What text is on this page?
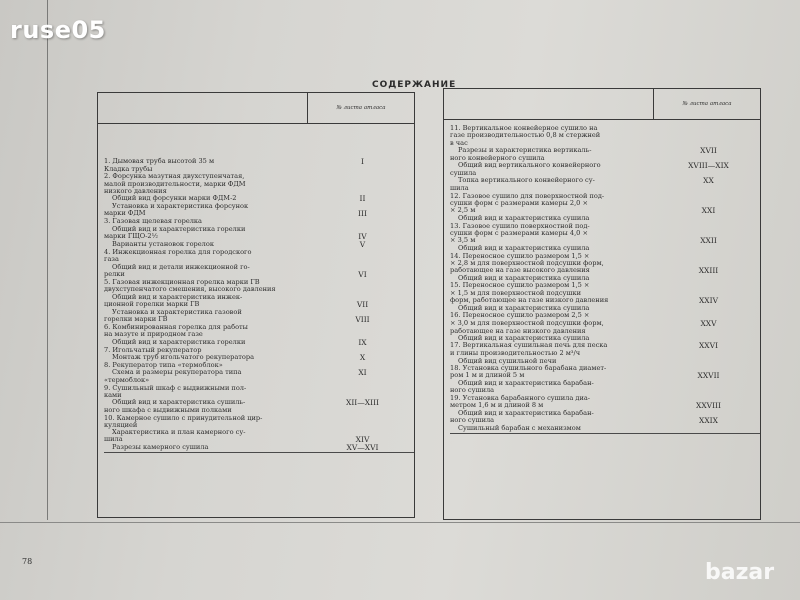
ruse05
bazar
78
СОДЕРЖАНИЕ
	№ листа атласа

1. Дымовая труба высотой 35 м	I
Кладка трубы
2. Форсунка мазутная двухступенчатая,
малой производительности, марки ФДМ
низкого давления
Общий вид форсунки марки ФДМ-2	II
Установка и характеристика форсунок
марки ФДМ	III
3. Газовая щелевая горелка
Общий вид и характеристика горелки
марки ГЩО-2½	IV
Варианты установок горелок	V
4. Инжекционная горелка для городского
газа
Общий вид и детали инжекционной го-
релки	VI
5. Газовая инжекционная горелка марки ГВ
двухступенчатого смешения, высокого давления
Общий вид и характеристика инжек-
ционной горелки марки ГВ	VII
Установка и характеристика газовой
горелки марки ГВ	VIII
6. Комбинированная горелка для работы
на мазуте и природном газе
Общий вид и характеристика горелки	IX
7. Игольчатый рекуператор
Монтаж труб игольчатого рекуператора	X
8. Рекуператор типа «термоблок»
Схема и размеры рекуператора типа	XI
«термоблок»
9. Сушильный шкаф с выдвижными пол-
ками
Общий вид и характеристика сушиль-	XII—XIII
ного шкафа с выдвижными полками
10. Камерное сушило с принудительной цир-
куляцией
Характеристика и план камерного су-
шила	XIV
Разрезы камерного сушила	XV—XVI
	№ листа атласа

11. Вертикальное конвейерное сушило на
газе производительностью 0,8 м стержней
в час
Разрезы и характеристика вертикаль-	XVII
ного конвейерного сушила
Общий вид вертикального конвейерного	XVIII—XIX
сушила
Топка вертикального конвейерного су-	XX
шила
12. Газовое сушило для поверхностной под-
сушки форм с размерами камеры 2,0 ×
× 2,5 м	XXI
Общий вид и характеристика сушила
13. Газовое сушило поверхностной под-
сушки форм с размерами камеры 4,0 ×
× 3,5 м	XXII
Общий вид и характеристика сушила
14. Переносное сушило размером 1,5 ×
× 2,8 м для поверхностной подсушки форм,
работающее на газе высокого давления	XXIII
Общий вид и характеристика сушила
15. Переносное сушило размером 1,5 ×
× 1,5 м для поверхностной подсушки
форм, работающее на газе низкого давления	XXIV
Общий вид и характеристика сушила
16. Переносное сушило размером 2,5 ×
× 3,0 м для поверхностной подсушки форм,	XXV
работающее на газе низкого давления
Общий вид и характеристика сушила
17. Вертикальная сушильная печь для песка	XXVI
и глины производительностью 2 м³/ч
Общий вид сушильной печи
18. Установка сушильного барабана диамет-
ром 1 м и длиной 5 м	XXVII
Общий вид и характеристика барабан-
ного сушила
19. Установка барабанного сушила диа-
метром 1,6 м и длиной 8 м	XXVIII
Общий вид и характеристика барабан-
ного сушила	XXIX
Сушильный барабан с механизмом
